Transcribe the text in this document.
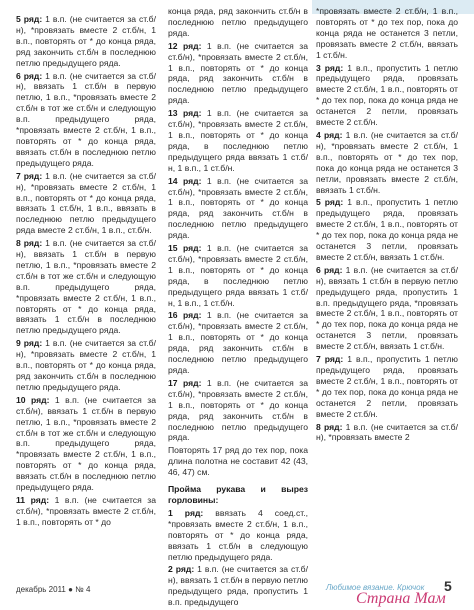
5 ряд: 1 в.п. (не считается за ст.б/н), *провязать вместе 2 ст.б/н, 1 в.п., повторять от * до конца ряда, ряд закончить ст.б/н в последнюю петлю предыдущего ряда.

6 ряд: 1 в.п. (не считается за ст.б/н), ввязать 1 ст.б/н в первую петлю, 1 в.п., *провязать вместе 2 ст.б/н в тот же ст.б/н и следующую в.п. предыдущего ряда, *провязать вместе 2 ст.б/н, 1 в.п., повторять от * до конца ряда, ввязать ст.б/н в последнюю петлю предыдущего ряда.

7 ряд: 1 в.п. (не считается за ст.б/н), *провязать вместе 2 ст.б/н, 1 в.п., повторять от * до конца ряда, ввязать 1 ст.б/н, 1 в.п., ввязать в последнюю петлю предыдущего ряда вместе 2 ст.б/н, 1 в.п., ст.б/н.

8 ряд: 1 в.п. (не считается за ст.б/н), ввязать 1 ст.б/н в первую петлю, 1 в.п., *провязать вместе 2 ст.б/н в тот же ст.б/н и следующую в.п. предыдущего ряда, *провязать вместе 2 ст.б/н, 1 в.п., повторять от * до конца ряда, ввязать 1 ст.б/н в последнюю петлю предыдущего ряда.

9 ряд: 1 в.п. (не считается за ст.б/н), *провязать вместе 2 ст.б/н, 1 в.п., повторять от * до конца ряда, ряд закончить ст.б/н в последнюю петлю предыдущего ряда.

10 ряд: 1 в.п. (не считается за ст.б/н), ввязать 1 ст.б/н в первую петлю, 1 в.п., *провязать вместе 2 ст.б/н в тот же ст.б/н и следующую в.п. предыдущего ряда, *провязать вместе 2 ст.б/н, 1 в.п., повторять от * до конца ряда, ввязать ст.б/н в последнюю петлю предыдущего ряда.

11 ряд: 1 в.п. (не считается за ст.б/н), *провязать вместе 2 ст.б/н, 1 в.п., повторять от * до

конца ряда, ряд закончить ст.б/н в последнюю петлю предыдущего ряда.

12 ряд: 1 в.п. (не считается за ст.б/н), *провязать вместе 2 ст.б/н, 1 в.п., повторять от * до конца ряда, ряд закончить ст.б/н в последнюю петлю предыдущего ряда.

13 ряд: 1 в.п. (не считается за ст.б/н), *провязать вместе 2 ст.б/н, 1 в.п., повторять от * до конца ряда, в последнюю петлю предыдущего ряда ввязать 1 ст.б/н, 1 в.п., 1 ст.б/н.

14 ряд: 1 в.п. (не считается за ст.б/н), *провязать вместе 2 ст.б/н, 1 в.п., повторять от * до конца ряда, ряд закончить ст.б/н в последнюю петлю предыдущего ряда.

15 ряд: 1 в.п. (не считается за ст.б/н), *провязать вместе 2 ст.б/н, 1 в.п., повторять от * до конца ряда, в последнюю петлю предыдущего ряда ввязать 1 ст.б/н, 1 в.п., 1 ст.б/н.

16 ряд: 1 в.п. (не считается за ст.б/н), *провязать вместе 2 ст.б/н, 1 в.п., повторять от * до конца ряда, ряд закончить ст.б/н в последнюю петлю предыдущего ряда.

17 ряд: 1 в.п. (не считается за ст.б/н), *провязать вместе 2 ст.б/н, 1 в.п., повторять от * до конца ряда, ряд закончить ст.б/н в последнюю петлю предыдущего ряда.

Повторять 17 ряд до тех пор, пока длина полотна не составит 42 (43, 46, 47) см.

Пройма рукава и вырез горловины:

1 ряд: ввязать 4 соед.ст., *провязать вместе 2 ст.б/н, 1 в.п., повторять от * до конца ряда, ввязать 1 ст.б/н в следующую петлю предыдущего ряда.

2 ряд: 1 в.п. (не считается за ст.б/н), ввязать 1 ст.б/н в первую петлю предыдущего ряда, пропустить 1 в.п. предыдущего

*провязать вместе 2 ст.б/н, 1 в.п., повторять от * до тех пор, пока до конца ряда не останется 3 петли, провязать вместе 2 ст.б/н, ввязать 1 ст.б/н.

3 ряд: 1 в.п., пропустить 1 петлю предыдущего ряда, провязать вместе 2 ст.б/н, 1 в.п., повторять от * до тех пор, пока до конца ряда не останется 2 петли, провязать вместе 2 ст.б/н.

4 ряд: 1 в.п. (не считается за ст.б/н), *провязать вместе 2 ст.б/н, 1 в.п., повторять от * до тех пор, пока до конца ряда не останется 3 петли, провязать вместе 2 ст.б/н, ввязать 1 ст.б/н.

5 ряд: 1 в.п., пропустить 1 петлю предыдущего ряда, провязать вместе 2 ст.б/н, 1 в.п., повторять от * до тех пор, пока до конца ряда не останется 3 петли, провязать вместе 2 ст.б/н, ввязать 1 ст.б/н.

6 ряд: 1 в.п. (не считается за ст.б/н), ввязать 1 ст.б/н в первую петлю предыдущего ряда, пропустить 1 в.п. предыдущего ряда, *провязать вместе 2 ст.б/н, 1 в.п., повторять от * до тех пор, пока до конца ряда не останется 3 петли, провязать вместе 2 ст.б/н, ввязать 1 ст.б/н.

7 ряд: 1 в.п., пропустить 1 петлю предыдущего ряда, провязать вместе 2 ст.б/н, 1 в.п., повторять от * до тех пор, пока до конца ряда не останется 2 петли, провязать вместе 2 ст.б/н.

8 ряд: 1 в.п. (не считается за ст.б/н), *провязать вместе 2

декабрь 2011 ● № 4	Любимое вязание. Крючок 5
Страна Мам
